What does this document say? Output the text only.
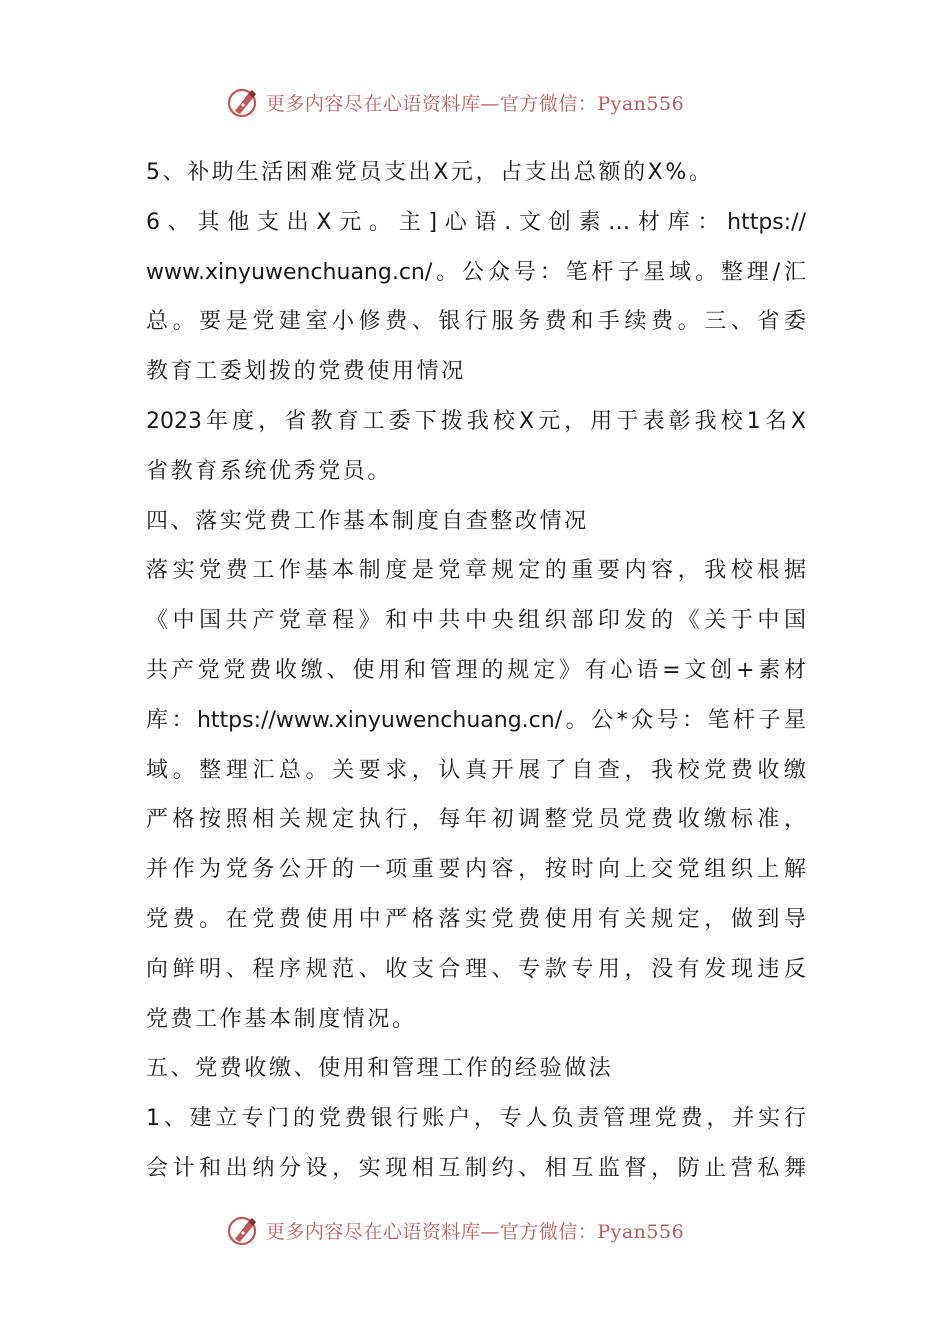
更多内容尽在心语资料库—官方微信：Pyan556
5、补助生活困难党员支出X元，占支出总额的X%。
6、其他支出X元。主]心语.文创素…材库：https://
www.xinyuwenchuang.cn/。公众号：笔杆子星域。整理/汇
总。要是党建室小修费、银行服务费和手续费。三、省委
教育工委划拨的党费使用情况
2023年度，省教育工委下拨我校X元，用于表彰我校1名X
省教育系统优秀党员。
四、落实党费工作基本制度自查整改情况
落实党费工作基本制度是党章规定的重要内容，我校根据
《中国共产党章程》和中共中央组织部印发的《关于中国
共产党党费收缴、使用和管理的规定》有心语=文创+素材
库：https://www.xinyuwenchuang.cn/。公*众号：笔杆子星
域。整理汇总。关要求，认真开展了自查，我校党费收缴
严格按照相关规定执行，每年初调整党员党费收缴标准，
并作为党务公开的一项重要内容，按时向上交党组织上解
党费。在党费使用中严格落实党费使用有关规定，做到导
向鲜明、程序规范、收支合理、专款专用，没有发现违反
党费工作基本制度情况。
五、党费收缴、使用和管理工作的经验做法
1、建立专门的党费银行账户，专人负责管理党费，并实行
会计和出纳分设，实现相互制约、相互监督，防止营私舞
更多内容尽在心语资料库—官方微信：Pyan556
